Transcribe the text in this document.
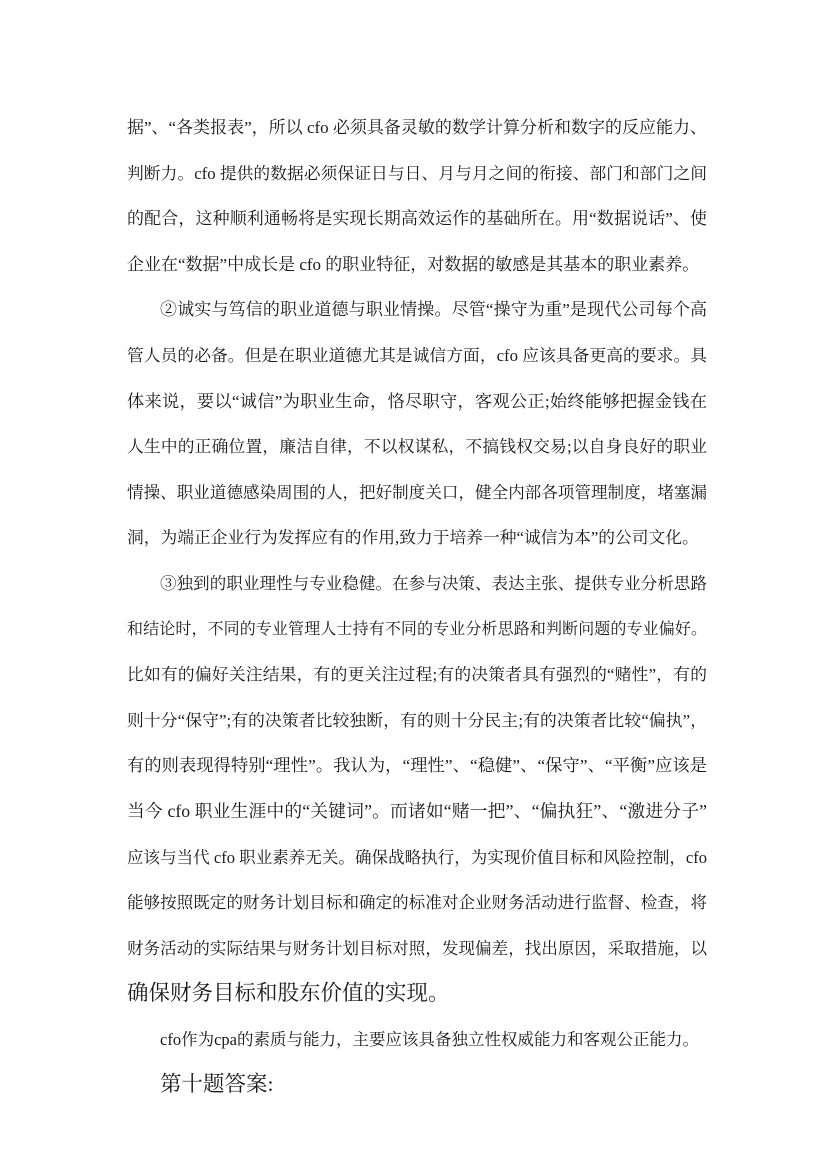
据”、“各类报表”，所以 cfo 必须具备灵敏的数学计算分析和数字的反应能力、
判断力。cfo 提供的数据必须保证日与日、月与月之间的衔接、部门和部门之间
的配合，这种顺利通畅将是实现长期高效运作的基础所在。用“数据说话”、使
企业在“数据”中成长是 cfo 的职业特征，对数据的敏感是其基本的职业素养。
②诚实与笃信的职业道德与职业情操。尽管“操守为重”是现代公司每个高
管人员的必备。但是在职业道德尤其是诚信方面，cfo 应该具备更高的要求。具
体来说，要以“诚信”为职业生命，恪尽职守，客观公正;始终能够把握金钱在
人生中的正确位置，廉洁自律，不以权谋私，不搞钱权交易;以自身良好的职业
情操、职业道德感染周围的人，把好制度关口，健全内部各项管理制度，堵塞漏
洞，为端正企业行为发挥应有的作用,致力于培养一种“诚信为本”的公司文化。
③独到的职业理性与专业稳健。在参与决策、表达主张、提供专业分析思路
和结论时，不同的专业管理人士持有不同的专业分析思路和判断问题的专业偏好。
比如有的偏好关注结果，有的更关注过程;有的决策者具有强烈的“赌性”，有的
则十分“保守”;有的决策者比较独断，有的则十分民主;有的决策者比较“偏执”，
有的则表现得特别“理性”。我认为，“理性”、“稳健”、“保守”、“平衡”应该是
当今 cfo 职业生涯中的“关键词”。而诸如“赌一把”、“偏执狂”、“激进分子”
应该与当代 cfo 职业素养无关。确保战略执行，为实现价值目标和风险控制，cfo
能够按照既定的财务计划目标和确定的标准对企业财务活动进行监督、检查，将
财务活动的实际结果与财务计划目标对照，发现偏差，找出原因，采取措施，以
确保财务目标和股东价值的实现。
cfo作为cpa的素质与能力，主要应该具备独立性权威能力和客观公正能力。
第十题答案:
